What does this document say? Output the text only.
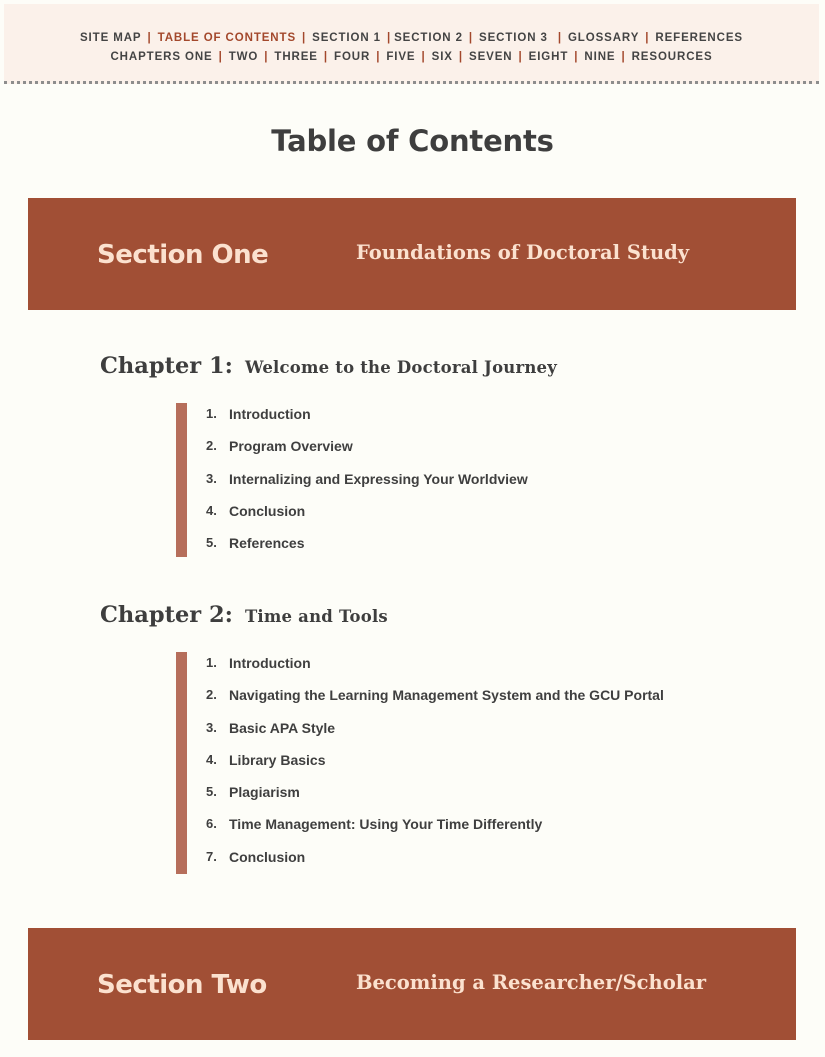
SITE MAP | TABLE OF CONTENTS | SECTION 1 | SECTION 2 | SECTION 3 | GLOSSARY | REFERENCES
CHAPTERS ONE | TWO | THREE | FOUR | FIVE | SIX | SEVEN | EIGHT | NINE | RESOURCES
Table of Contents
Section One	Foundations of Doctoral Study
Chapter 1: Welcome to the Doctoral Journey
1. Introduction
2. Program Overview
3. Internalizing and Expressing Your Worldview
4. Conclusion
5. References
Chapter 2: Time and Tools
1. Introduction
2. Navigating the Learning Management System and the GCU Portal
3. Basic APA Style
4. Library Basics
5. Plagiarism
6. Time Management: Using Your Time Differently
7. Conclusion
Section Two	Becoming a Researcher/Scholar
